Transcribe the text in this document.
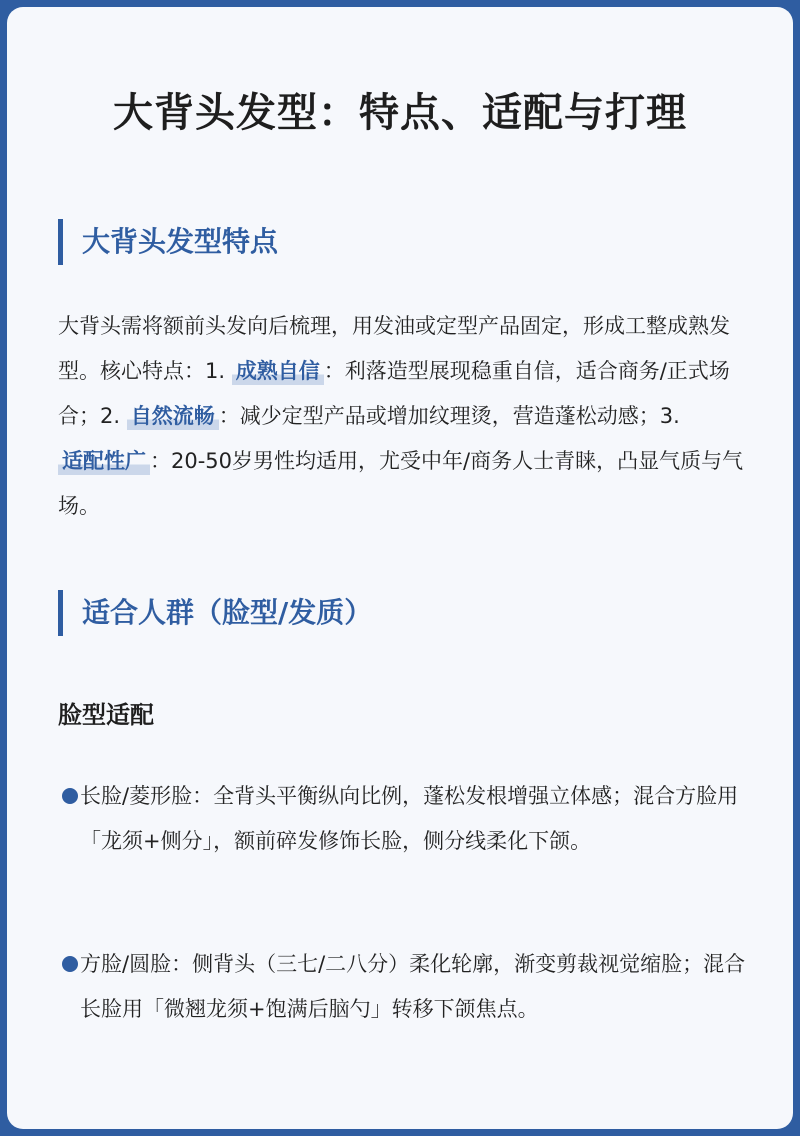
大背头发型：特点、适配与打理
大背头发型特点

大背头需将额前头发向后梳理，用发油或定型产品固定，形成工整成熟发型。核心特点：1. 成熟自信 ：利落造型展现稳重自信，适合商务/正式场合；2. 自然流畅 ：减少定型产品或增加纹理烫，营造蓬松动感；3. 适配性广 ：20-50岁男性均适用，尤受中年/商务人士青睐，凸显气质与气场。

适合人群（脸型/发质）
脸型适配
长脸/菱形脸：全背头平衡纵向比例，蓬松发根增强立体感；混合方脸用「龙须+侧分」，额前碎发修饰长脸，侧分线柔化下颌。
方脸/圆脸：侧背头（三七/二八分）柔化轮廓，渐变剪裁视觉缩脸；混合长脸用「微翘龙须+饱满后脑勺」转移下颌焦点。
